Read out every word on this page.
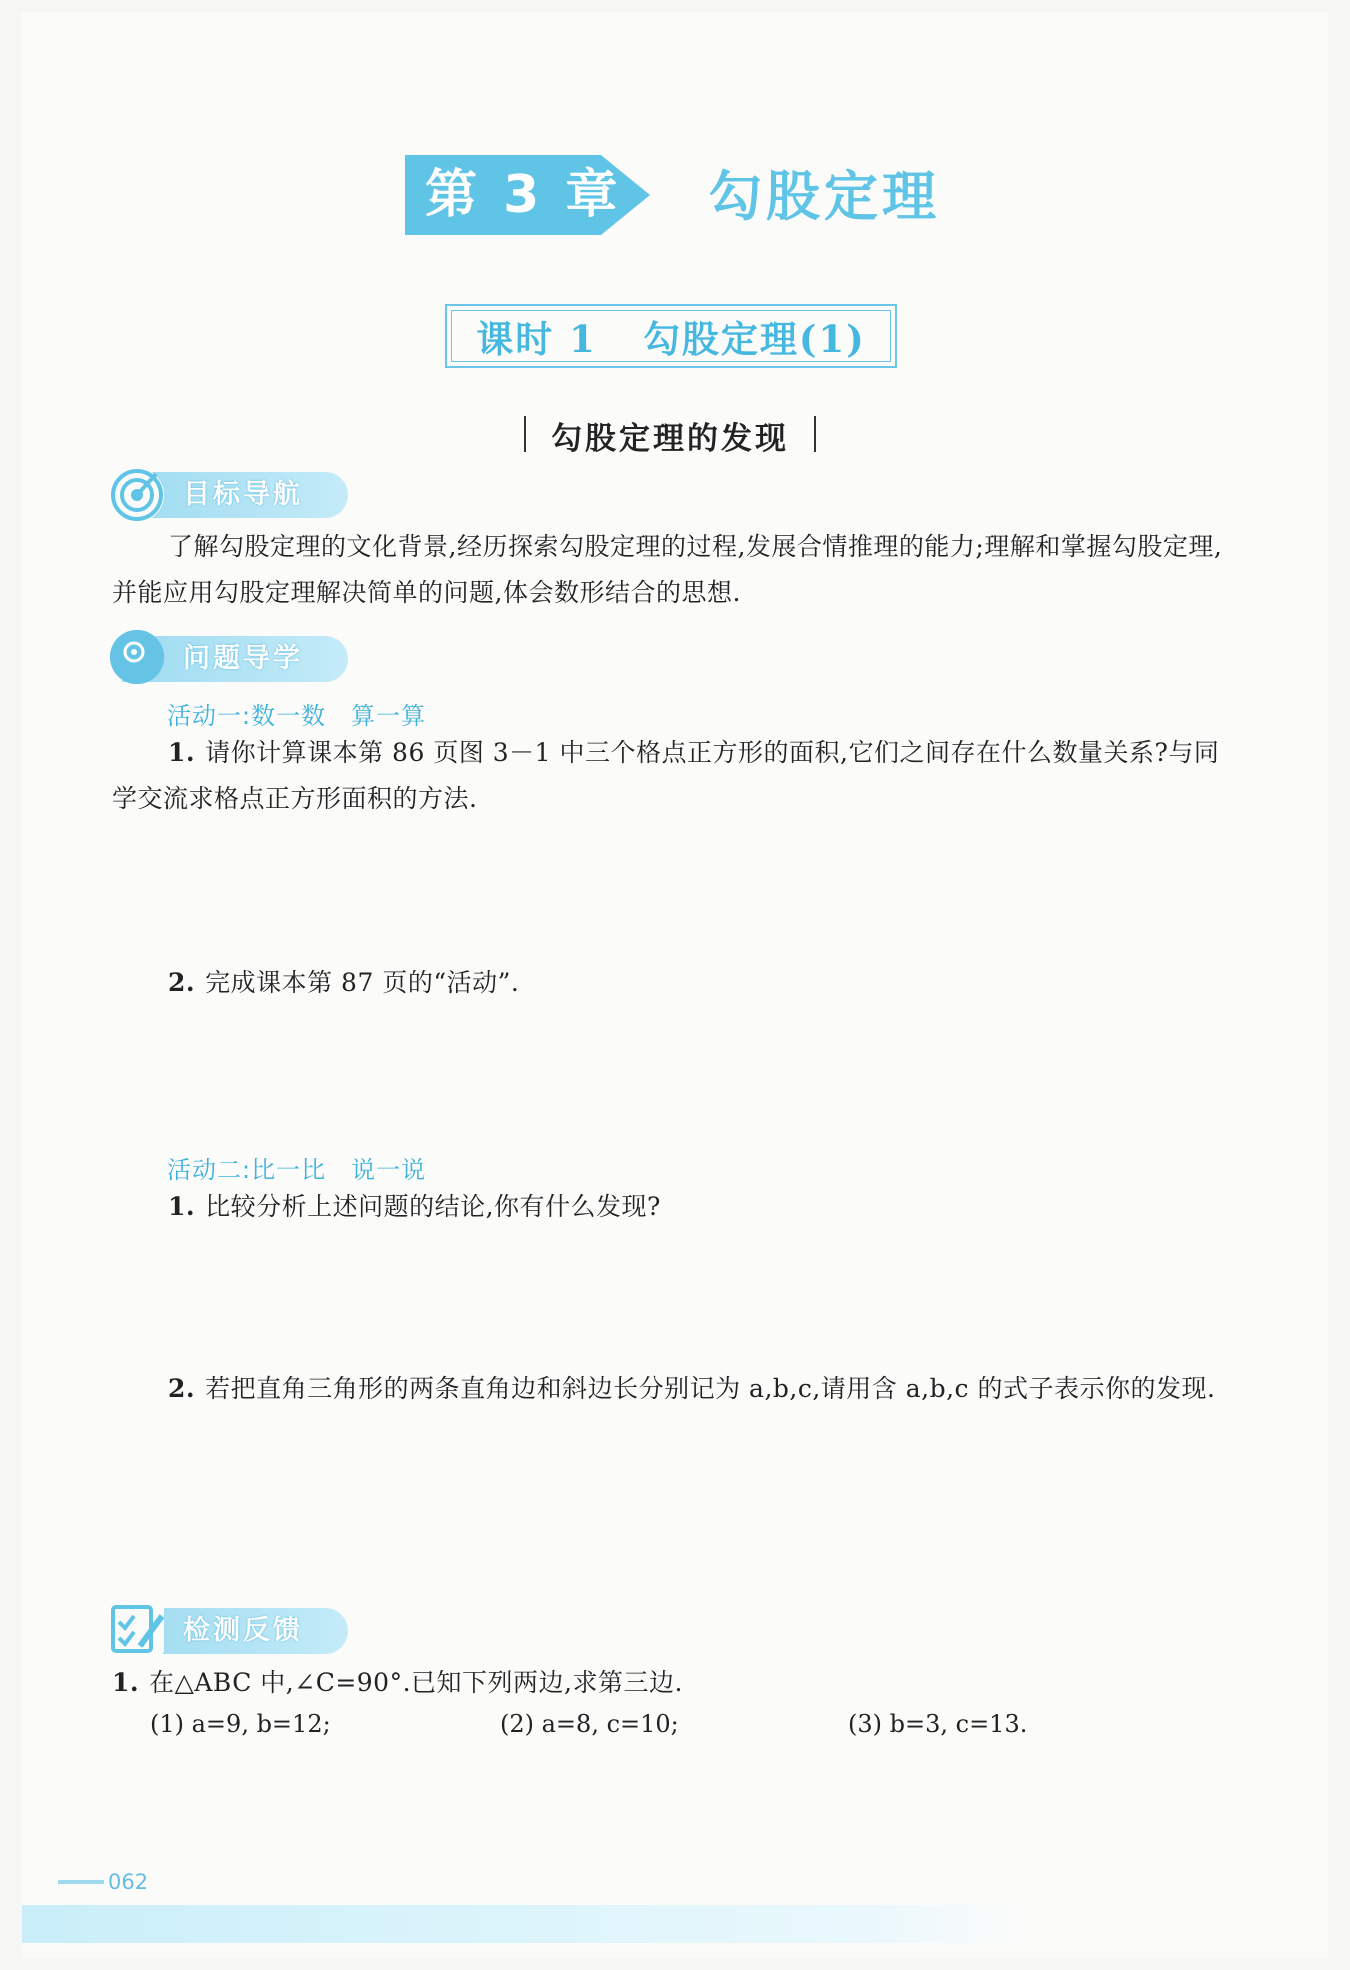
第 3 章 勾股定理
课时 1 勾股定理(1)
勾股定理的发现
目标导航

了解勾股定理的文化背景,经历探索勾股定理的过程,发展合情推理的能力;理解和掌握勾股定理,并能应用勾股定理解决简单的问题,体会数形结合的思想.

问题导学
活动一:数一数　算一算

1. 请你计算课本第 86 页图 3－1 中三个格点正方形的面积,它们之间存在什么数量关系?与同学交流求格点正方形面积的方法.

2. 完成课本第 87 页的“活动”.

活动二:比一比　说一说

1. 比较分析上述问题的结论,你有什么发现?

2. 若把直角三角形的两条直角边和斜边长分别记为 a,b,c,请用含 a,b,c 的式子表示你的发现.

检测反馈

1. 在△ABC 中,∠C=90°.已知下列两边,求第三边.

(1) a=9, b=12;	(2) a=8, c=10;	(3) b=3, c=13.
062
